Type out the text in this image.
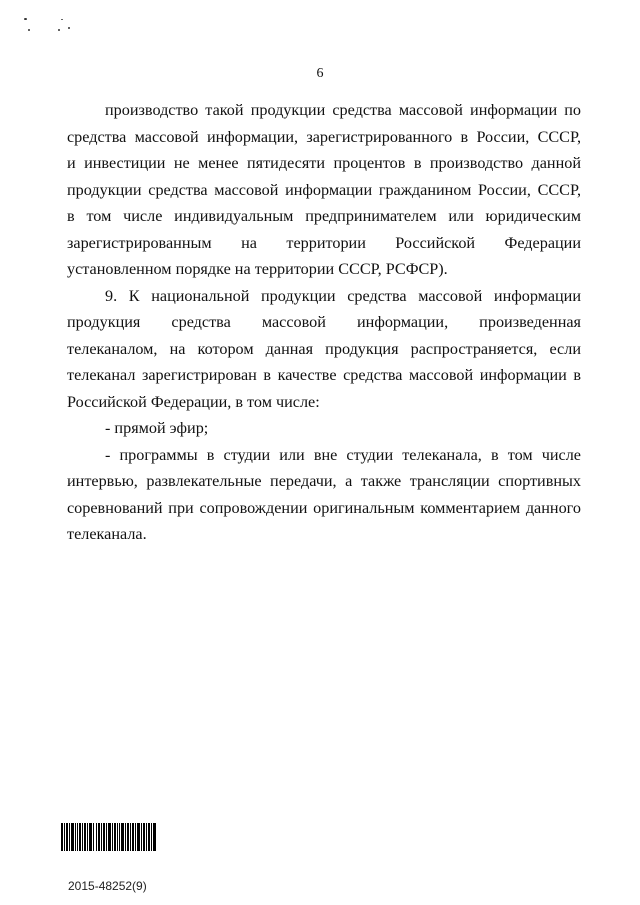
6
производство такой продукции средства массовой информации по
средства массовой информации, зарегистрированного в России, СССР,
и инвестиции не менее пятидесяти процентов в производство данной
продукции средства массовой информации гражданином России, СССР,
в том числе индивидуальным предпринимателем или юридическим
зарегистрированным на территории Российской Федерации
установленном порядке на территории СССР, РСФСР).
9. К национальной продукции средства массовой информации
продукция средства массовой информации, произведенная
телеканалом, на котором данная продукция распространяется, если
телеканал зарегистрирован в качестве средства массовой информации в
Российской Федерации, в том числе:
- прямой эфир;
- программы в студии или вне студии телеканала, в том числе
интервью, развлекательные передачи, а также трансляции спортивных
соревнований при сопровождении оригинальным комментарием данного
телеканала.
2015-48252(9)
